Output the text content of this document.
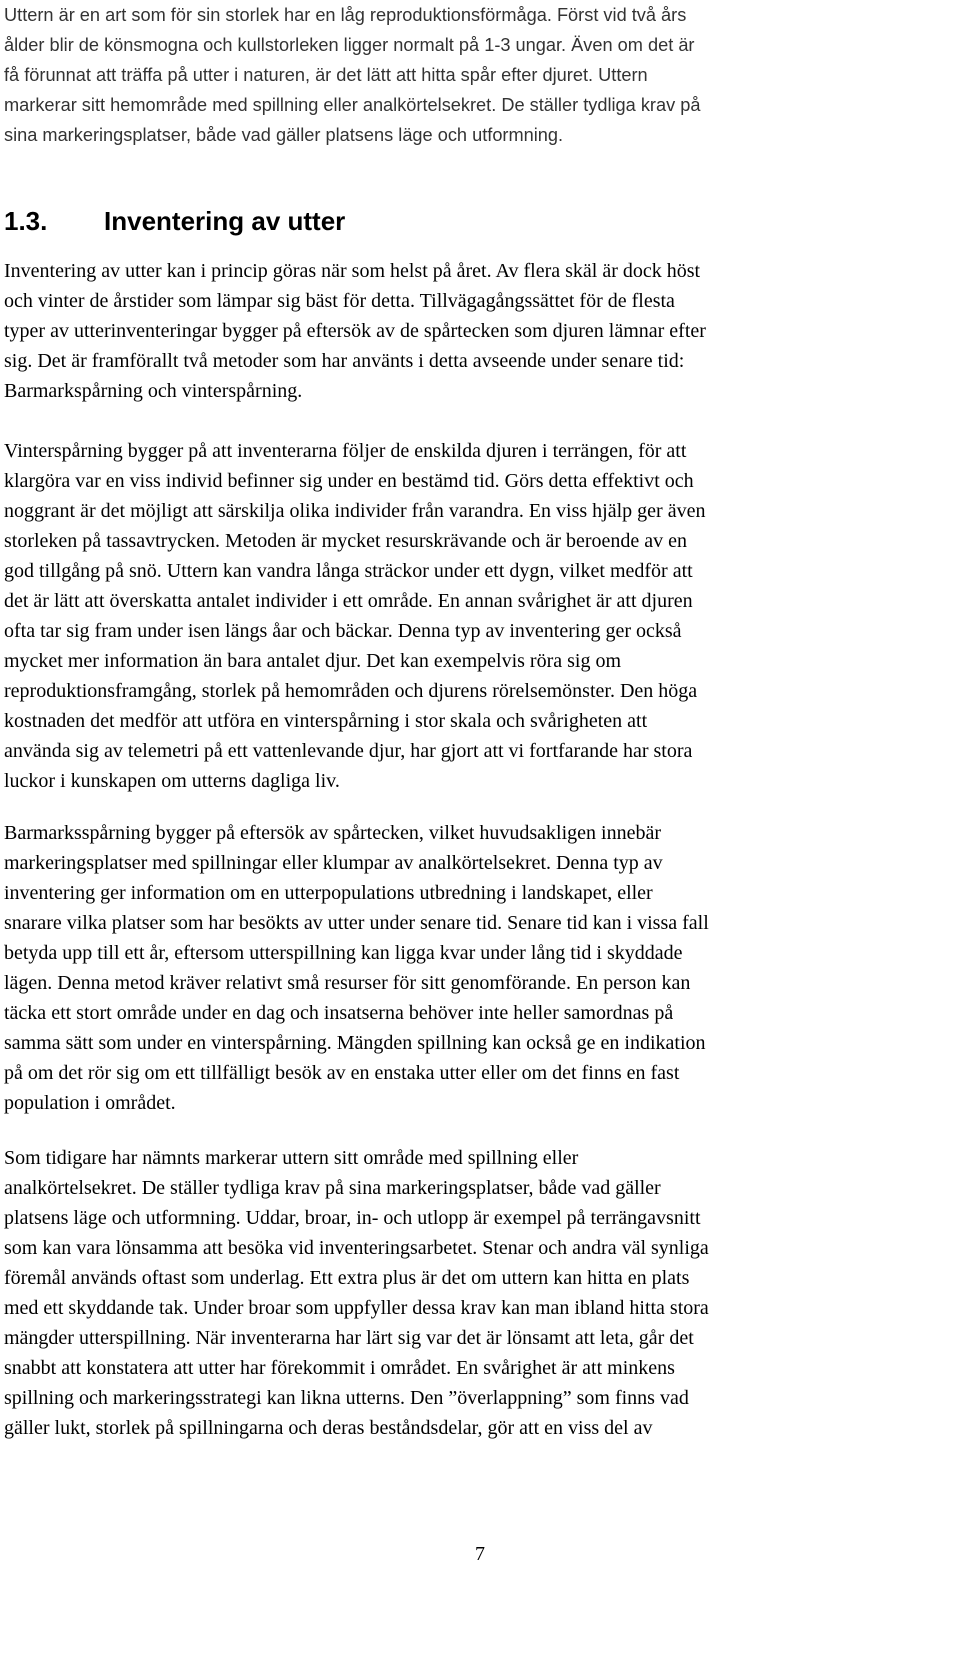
Uttern är en art som för sin storlek har en låg reproduktionsförmåga. Först vid två års
ålder blir de könsmogna och kullstorleken ligger normalt på 1-3 ungar. Även om det är
få förunnat att träffa på utter i naturen, är det lätt att hitta spår efter djuret. Uttern
markerar sitt hemområde med spillning eller analkörtelsekret. De ställer tydliga krav på
sina markeringsplatser, både vad gäller platsens läge och utformning.

1.3. Inventering av utter

Inventering av utter kan i princip göras när som helst på året. Av flera skäl är dock höst
och vinter de årstider som lämpar sig bäst för detta. Tillvägagångssättet för de flesta
typer av utterinventeringar bygger på eftersök av de spårtecken som djuren lämnar efter
sig. Det är framförallt två metoder som har använts i detta avseende under senare tid:
Barmarkspårning och vinterspårning.

Vinterspårning bygger på att inventerarna följer de enskilda djuren i terrängen, för att
klargöra var en viss individ befinner sig under en bestämd tid. Görs detta effektivt och
noggrant är det möjligt att särskilja olika individer från varandra. En viss hjälp ger även
storleken på tassavtrycken. Metoden är mycket resurskrävande och är beroende av en
god tillgång på snö. Uttern kan vandra långa sträckor under ett dygn, vilket medför att
det är lätt att överskatta antalet individer i ett område. En annan svårighet är att djuren
ofta tar sig fram under isen längs åar och bäckar. Denna typ av inventering ger också
mycket mer information än bara antalet djur. Det kan exempelvis röra sig om
reproduktionsframgång, storlek på hemområden och djurens rörelsemönster. Den höga
kostnaden det medför att utföra en vinterspårning i stor skala och svårigheten att
använda sig av telemetri på ett vattenlevande djur, har gjort att vi fortfarande har stora
luckor i kunskapen om utterns dagliga liv.

Barmarksspårning bygger på eftersök av spårtecken, vilket huvudsakligen innebär
markeringsplatser med spillningar eller klumpar av analkörtelsekret. Denna typ av
inventering ger information om en utterpopulations utbredning i landskapet, eller
snarare vilka platser som har besökts av utter under senare tid. Senare tid kan i vissa fall
betyda upp till ett år, eftersom utterspillning kan ligga kvar under lång tid i skyddade
lägen. Denna metod kräver relativt små resurser för sitt genomförande. En person kan
täcka ett stort område under en dag och insatserna behöver inte heller samordnas på
samma sätt som under en vinterspårning. Mängden spillning kan också ge en indikation
på om det rör sig om ett tillfälligt besök av en enstaka utter eller om det finns en fast
population i området.

Som tidigare har nämnts markerar uttern sitt område med spillning eller
analkörtelsekret. De ställer tydliga krav på sina markeringsplatser, både vad gäller
platsens läge och utformning. Uddar, broar, in- och utlopp är exempel på terrängavsnitt
som kan vara lönsamma att besöka vid inventeringsarbetet. Stenar och andra väl synliga
föremål används oftast som underlag. Ett extra plus är det om uttern kan hitta en plats
med ett skyddande tak. Under broar som uppfyller dessa krav kan man ibland hitta stora
mängder utterspillning. När inventerarna har lärt sig var det är lönsamt att leta, går det
snabbt att konstatera att utter har förekommit i området. En svårighet är att minkens
spillning och markeringsstrategi kan likna utterns. Den ”överlappning” som finns vad
gäller lukt, storlek på spillningarna och deras beståndsdelar, gör att en viss del av

7
